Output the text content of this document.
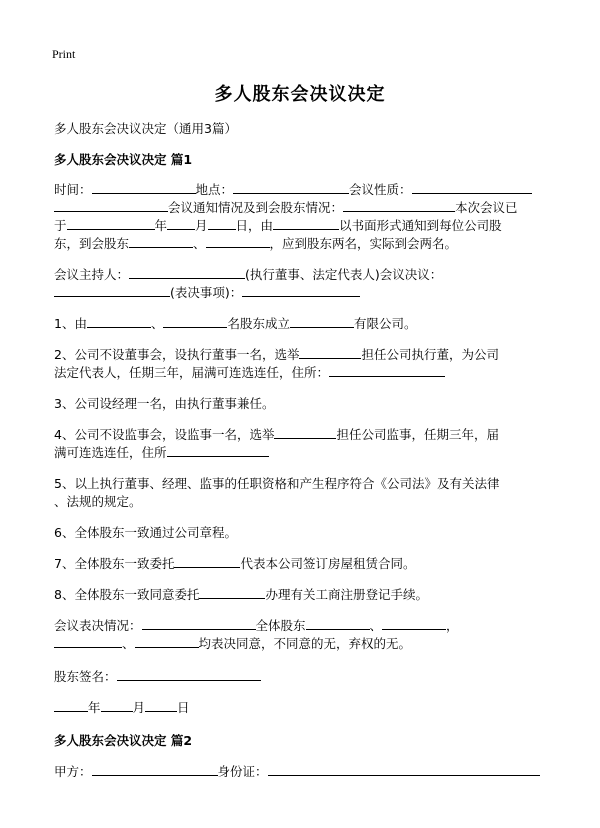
Print
多人股东会决议决定
多人股东会决议决定（通用3篇）
多人股东会决议决定 篇1
时间：	地点：	会议性质：
会议通知情况及到会股东情况：	本次会议已
于	年 月 日，由	以书面形式通知到每位公司股
东，到会股东	、	，应到股东两名，实际到会两名。
会议主持人：	(执行董事、法定代表人)会议决议：
(表决事项)：
1、由	、	名股东成立	有限公司。
2、公司不设董事会，设执行董事一名，选举	担任公司执行董，为公司
法定代表人，任期三年，届满可连选连任，住所：
3、公司设经理一名，由执行董事兼任。
4、公司不设监事会，设监事一名，选举	担任公司监事，任期三年，届
满可连选连任，住所
5、以上执行董事、经理、监事的任职资格和产生程序符合《公司法》及有关法律
、法规的规定。
6、全体股东一致通过公司章程。
7、全体股东一致委托	代表本公司签订房屋租赁合同。
8、全体股东一致同意委托	办理有关工商注册登记手续。
会议表决情况：	全体股东	、	，
、	均表决同意，不同意的无，弃权的无。
股东签名：
年	月	日
多人股东会决议决定 篇2
甲方：	身份证：
